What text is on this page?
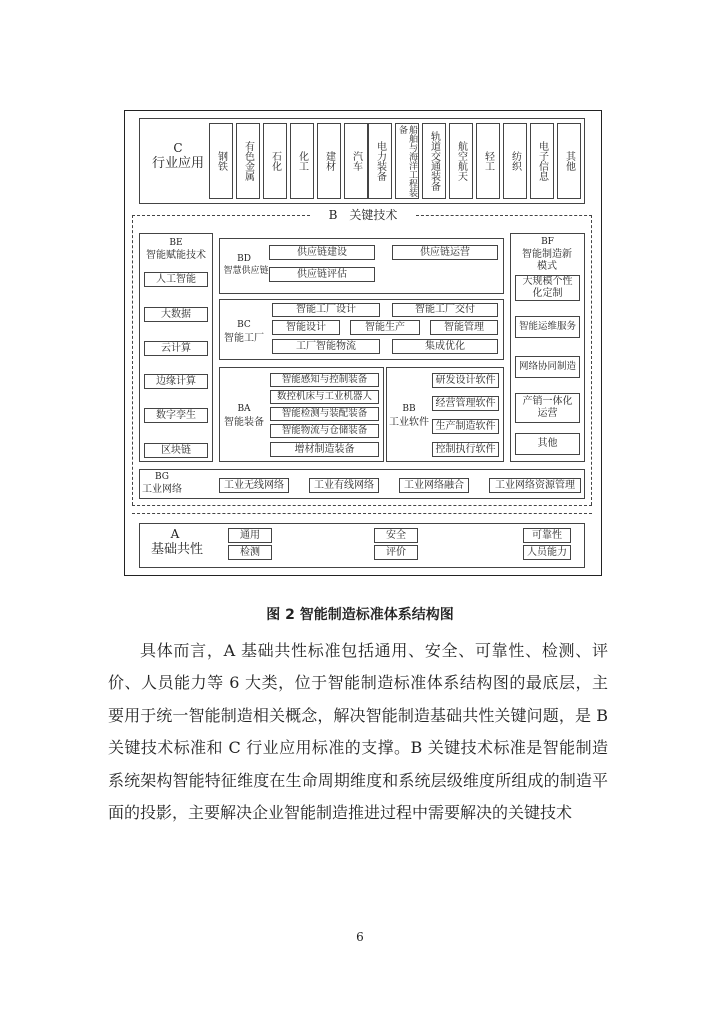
C
行业应用 钢铁 有色金属 石化 化工 建材 汽车 电力装备	船舶与海洋工程装备
轨道交通装备 航空航天 轻工 纺织 电子信息 其他
B　关键技术
BE
智能赋能技术
人工智能
大数据
云计算
边缘计算
数字孪生
区块链
BD
智慧供应链
供应链建设	供应链运营
供应链评估
BC
智能工厂
智能工厂设计	智能工厂交付
智能设计	智能生产	智能管理
工厂智能物流	集成优化
BA
智能装备
智能感知与控制装备
数控机床与工业机器人
智能检测与装配装备
智能物流与仓储装备
增材制造装备
BB
工业软件
研发设计软件
经营管理软件
生产制造软件
控制执行软件
BF
智能制造新模式
大规模个性化定制
智能运维服务
网络协同制造
产销一体化运营
其他
BG
工业网络	工业无线网络	工业有线网络	工业网络融合	工业网络资源管理
A
基础共性
通用	安全	可靠性
检测	评价	人员能力
图 2 智能制造标准体系结构图

具体而言，A 基础共性标准包括通用、安全、可靠性、检测、评价、人员能力等 6 大类，位于智能制造标准体系结构图的最底层，主要用于统一智能制造相关概念，解决智能制造基础共性关键问题，是 B 关键技术标准和 C 行业应用标准的支撑。B 关键技术标准是智能制造系统架构智能特征维度在生命周期维度和系统层级维度所组成的制造平面的投影，主要解决企业智能制造推进过程中需要解决的关键技术

6
